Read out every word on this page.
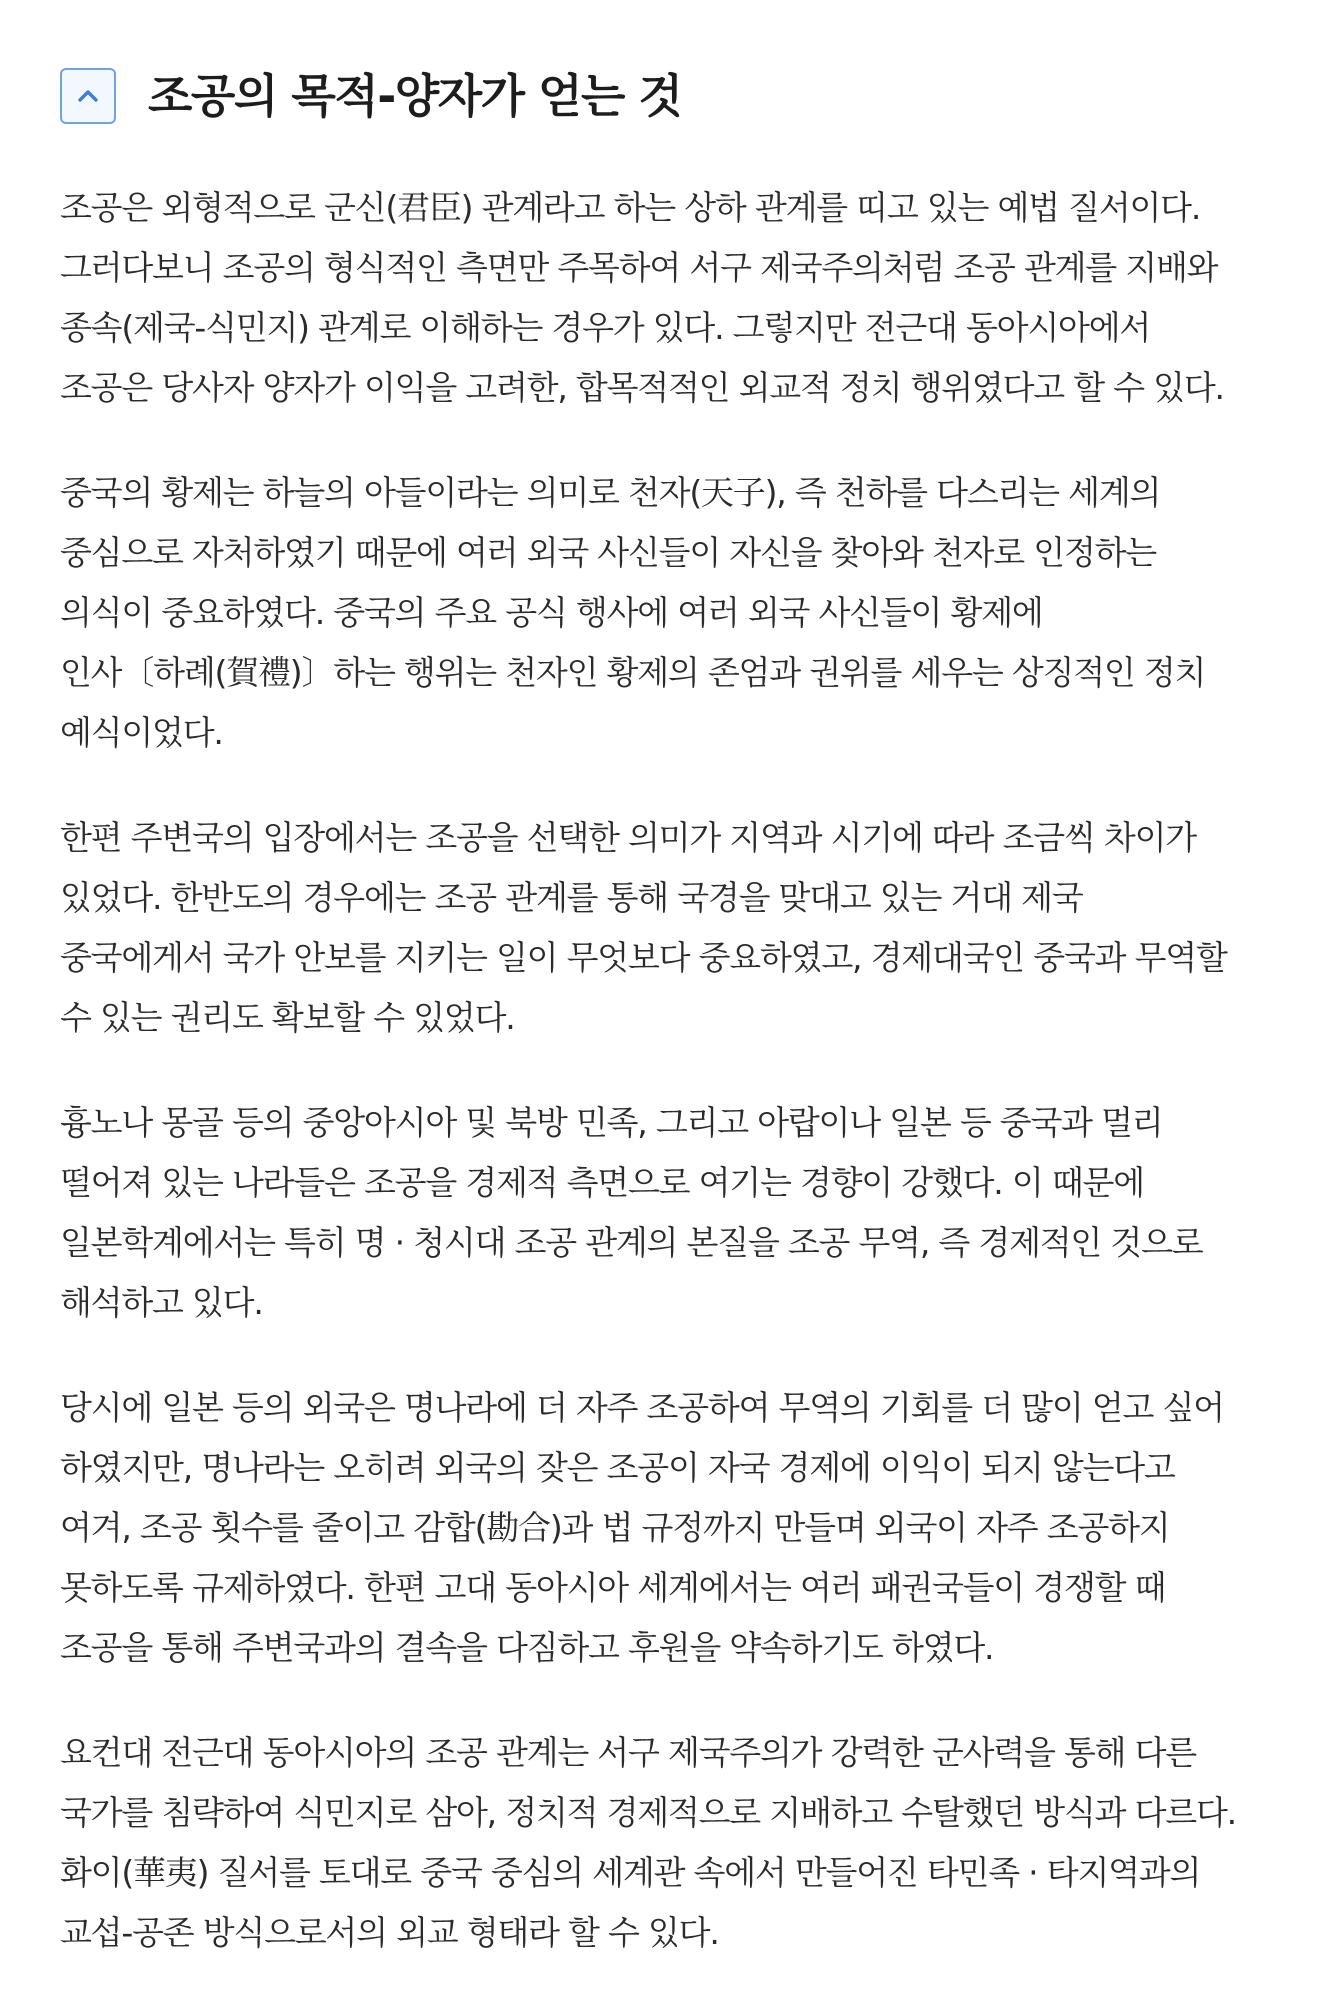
조공의 목적-양자가 얻는 것
조공은 외형적으로 군신(君臣) 관계라고 하는 상하 관계를 띠고 있는 예법 질서이다.
그러다보니 조공의 형식적인 측면만 주목하여 서구 제국주의처럼 조공 관계를 지배와
종속(제국-식민지) 관계로 이해하는 경우가 있다. 그렇지만 전근대 동아시아에서
조공은 당사자 양자가 이익을 고려한, 합목적적인 외교적 정치 행위였다고 할 수 있다.
중국의 황제는 하늘의 아들이라는 의미로 천자(天子), 즉 천하를 다스리는 세계의
중심으로 자처하였기 때문에 여러 외국 사신들이 자신을 찾아와 천자로 인정하는
의식이 중요하였다. 중국의 주요 공식 행사에 여러 외국 사신들이 황제에
인사〔하례(賀禮)〕하는 행위는 천자인 황제의 존엄과 권위를 세우는 상징적인 정치
예식이었다.
한편 주변국의 입장에서는 조공을 선택한 의미가 지역과 시기에 따라 조금씩 차이가
있었다. 한반도의 경우에는 조공 관계를 통해 국경을 맞대고 있는 거대 제국
중국에게서 국가 안보를 지키는 일이 무엇보다 중요하였고, 경제대국인 중국과 무역할
수 있는 권리도 확보할 수 있었다.
흉노나 몽골 등의 중앙아시아 및 북방 민족, 그리고 아랍이나 일본 등 중국과 멀리
떨어져 있는 나라들은 조공을 경제적 측면으로 여기는 경향이 강했다. 이 때문에
일본학계에서는 특히 명 · 청시대 조공 관계의 본질을 조공 무역, 즉 경제적인 것으로
해석하고 있다.
당시에 일본 등의 외국은 명나라에 더 자주 조공하여 무역의 기회를 더 많이 얻고 싶어
하였지만, 명나라는 오히려 외국의 잦은 조공이 자국 경제에 이익이 되지 않는다고
여겨, 조공 횟수를 줄이고 감합(勘合)과 법 규정까지 만들며 외국이 자주 조공하지
못하도록 규제하였다. 한편 고대 동아시아 세계에서는 여러 패권국들이 경쟁할 때
조공을 통해 주변국과의 결속을 다짐하고 후원을 약속하기도 하였다.
요컨대 전근대 동아시아의 조공 관계는 서구 제국주의가 강력한 군사력을 통해 다른
국가를 침략하여 식민지로 삼아, 정치적 경제적으로 지배하고 수탈했던 방식과 다르다.
화이(華夷) 질서를 토대로 중국 중심의 세계관 속에서 만들어진 타민족 · 타지역과의
교섭-공존 방식으로서의 외교 형태라 할 수 있다.
